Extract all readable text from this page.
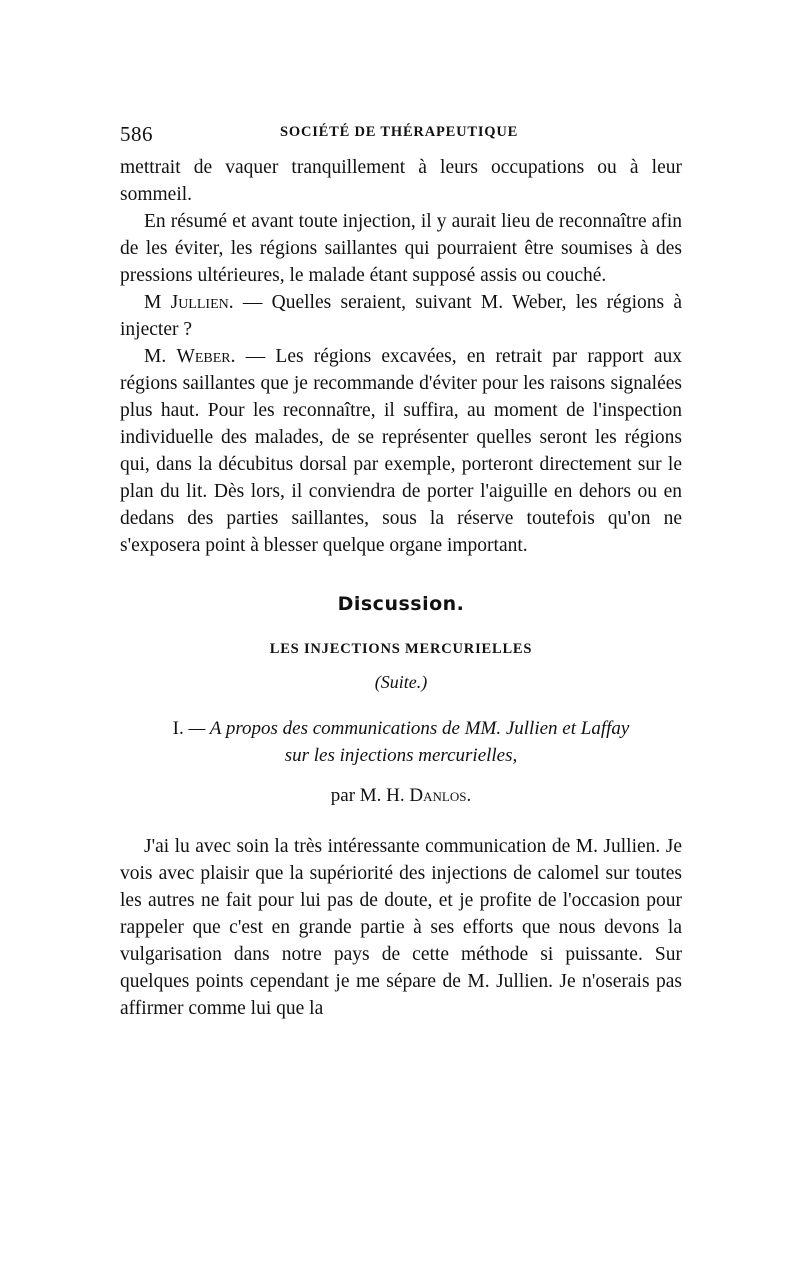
586	SOCIÉTÉ DE THÉRAPEUTIQUE

mettrait de vaquer tranquillement à leurs occupations ou à leur sommeil.

En résumé et avant toute injection, il y aurait lieu de reconnaître afin de les éviter, les régions saillantes qui pourraient être soumises à des pressions ultérieures, le malade étant supposé assis ou couché.

M Jullien. — Quelles seraient, suivant M. Weber, les régions à injecter ?

M. Weber. — Les régions excavées, en retrait par rapport aux régions saillantes que je recommande d'éviter pour les raisons signalées plus haut. Pour les reconnaître, il suffira, au moment de l'inspection individuelle des malades, de se représenter quelles seront les régions qui, dans la décubitus dorsal par exemple, porteront directement sur le plan du lit. Dès lors, il conviendra de porter l'aiguille en dehors ou en dedans des parties saillantes, sous la réserve toutefois qu'on ne s'exposera point à blesser quelque organe important.

Discussion.
LES INJECTIONS MERCURIELLES
(Suite.)
I. — A propos des communications de MM. Jullien et Laffay
sur les injections mercurielles,
par M. H. Danlos.

J'ai lu avec soin la très intéressante communication de M. Jullien. Je vois avec plaisir que la supériorité des injections de calomel sur toutes les autres ne fait pour lui pas de doute, et je profite de l'occasion pour rappeler que c'est en grande partie à ses efforts que nous devons la vulgarisation dans notre pays de cette méthode si puissante. Sur quelques points cependant je me sépare de M. Jullien. Je n'oserais pas affirmer comme lui que la
